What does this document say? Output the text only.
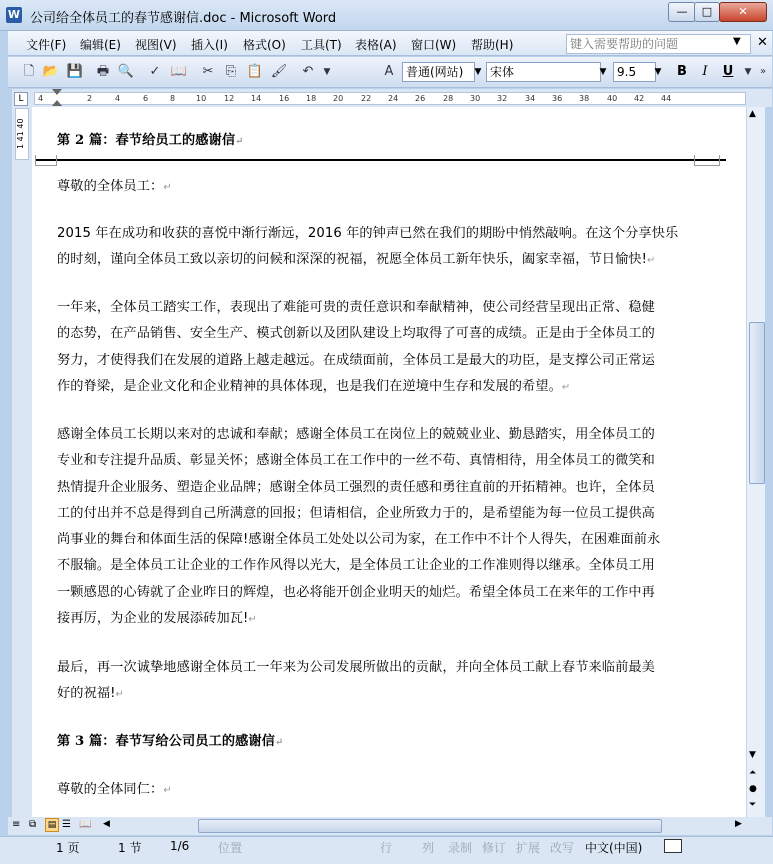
W 公司给全体员工的春节感谢信.doc - Microsoft Word	—	□	✕
文件(F) 编辑(E) 视图(V) 插入(I) 格式(O) 工具(T) 表格(A) 窗口(W) 帮助(H)	键入需要帮助的问题	▼ ✕
🗋 📂 💾 🖶 🔍 ✓ 📖 ✂ ⎘ 📋 🖌 ↶	▼	A	普通(网站)	▼ 宋体	▼ 9.5	▼	B	I	U	▼ »
L	4	2	4	6	8	10 12 14 16 18 20 22 24 26 28 30 32 34 36 38 40 42 44
1 41 40	第 2 篇：春节给员工的感谢信↵
尊敬的全体员工：↵
2015 年在成功和收获的喜悦中渐行渐远，2016 年的钟声已然在我们的期盼中悄然敲响。在这个分享快乐
的时刻，谨向全体员工致以亲切的问候和深深的祝福，祝愿全体员工新年快乐，阖家幸福，节日愉快!↵
一年来，全体员工踏实工作，表现出了难能可贵的责任意识和奉献精神，使公司经营呈现出正常、稳健
的态势，在产品销售、安全生产、模式创新以及团队建设上均取得了可喜的成绩。正是由于全体员工的
努力，才使得我们在发展的道路上越走越远。在成绩面前，全体员工是最大的功臣，是支撑公司正常运
作的脊梁，是企业文化和企业精神的具体体现，也是我们在逆境中生存和发展的希望。↵
感谢全体员工长期以来对的忠诚和奉献；感谢全体员工在岗位上的兢兢业业、勤恳踏实，用全体员工的
专业和专注提升品质、彰显关怀；感谢全体员工在工作中的一丝不苟、真情相待，用全体员工的微笑和
热情提升企业服务、塑造企业品牌；感谢全体员工强烈的责任感和勇往直前的开拓精神。也许，全体员
工的付出并不总是得到自己所满意的回报；但请相信，企业所致力于的，是希望能为每一位员工提供高
尚事业的舞台和体面生活的保障!感谢全体员工处处以公司为家，在工作中不计个人得失，在困难面前永
不服输。是全体员工让企业的工作作风得以光大，是全体员工让企业的工作准则得以继承。全体员工用
一颗感恩的心铸就了企业昨日的辉煌，也必将能开创企业明天的灿烂。希望全体员工在来年的工作中再
接再厉，为企业的发展添砖加瓦!↵
最后，再一次诚挚地感谢全体员工一年来为公司发展所做出的贡献，并向全体员工献上春节来临前最美
好的祝福!↵
第 3 篇：春节写给公司员工的感谢信↵
尊敬的全体同仁：↵
▲
▼
⏶
●
⏷
≡ ⧉	▤ ☰ 📖 ◀	▶
1 页	1 节 1/6 位置	行 列 录制 修订 扩展 改写 中文(中国)
